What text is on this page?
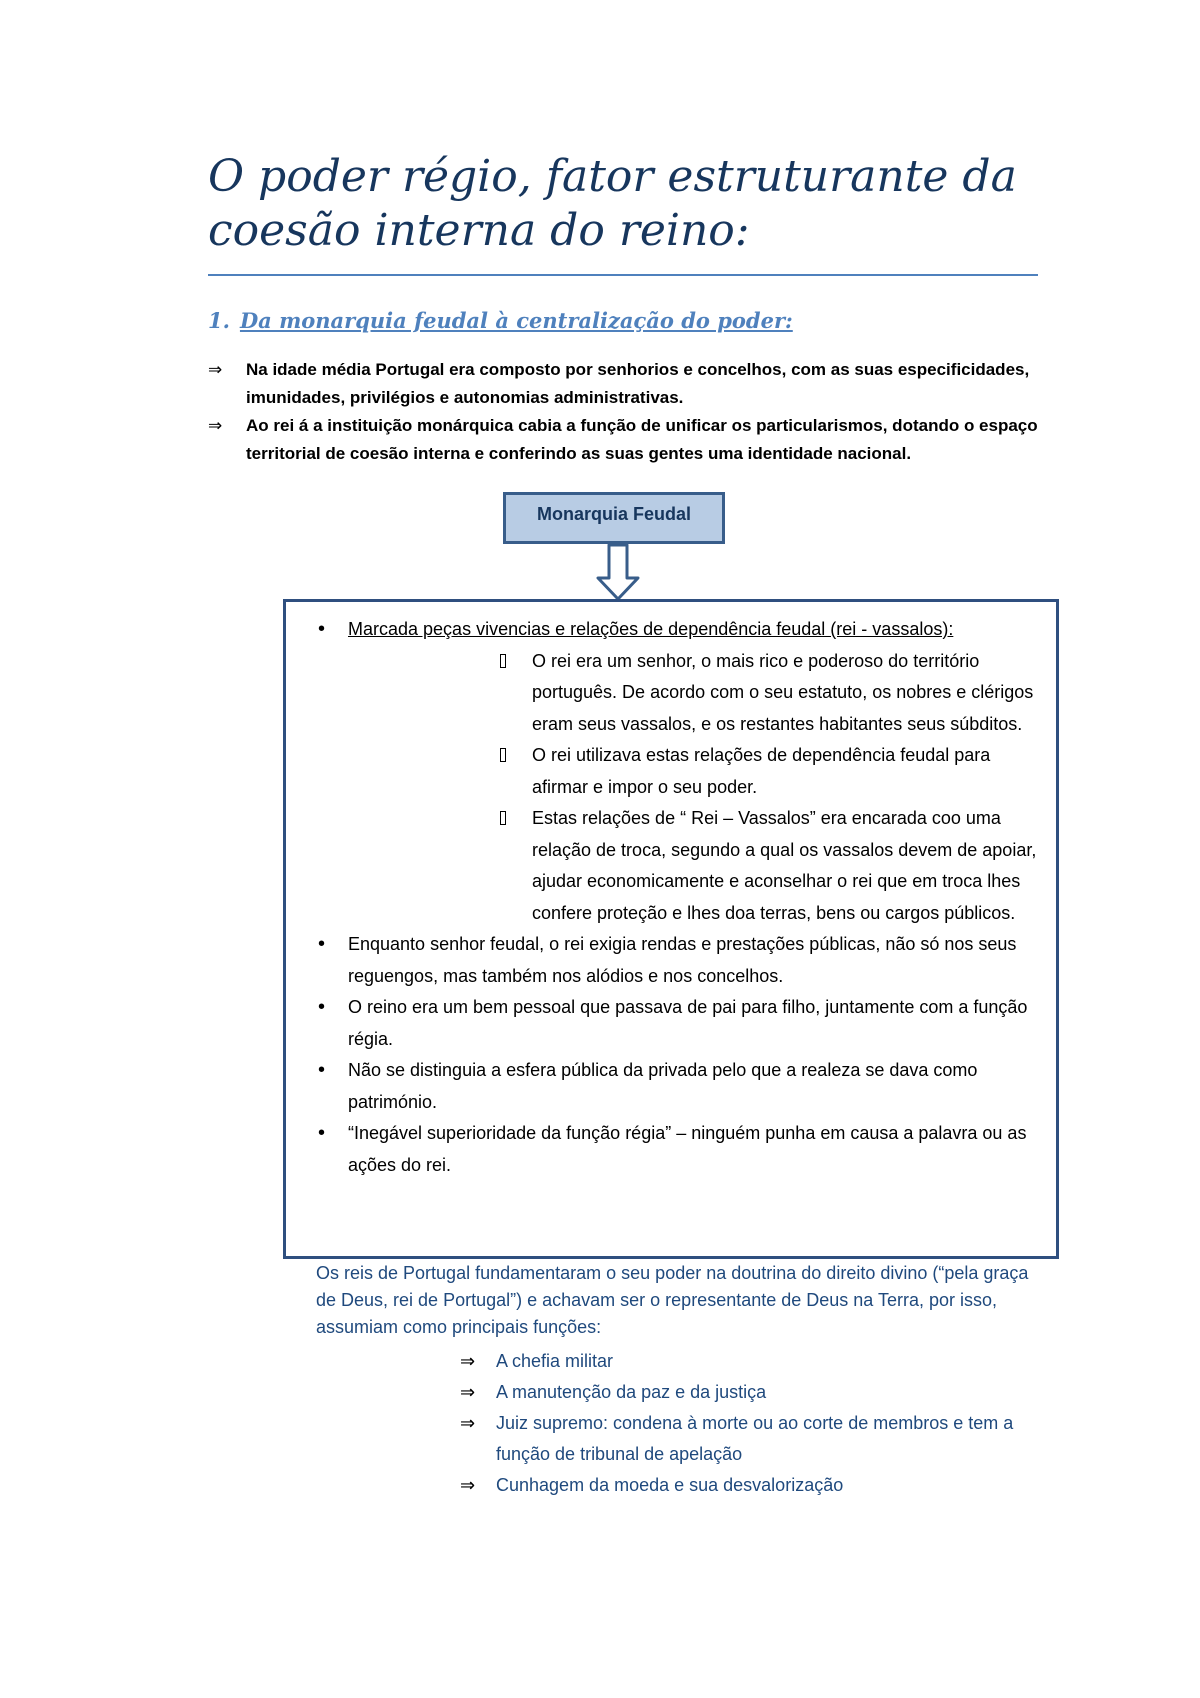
O poder régio, fator estruturante da coesão interna do reino:
1. Da monarquia feudal à centralização do poder:
⇒ Na idade média Portugal era composto por senhorios e concelhos, com as suas especificidades, imunidades, privilégios e autonomias administrativas.
⇒ Ao rei á a instituição monárquica cabia a função de unificar os particularismos, dotando o espaço territorial de coesão interna e conferindo as suas gentes uma identidade nacional.
Monarquia Feudal
• Marcada peças vivencias e relações de dependência feudal (rei - vassalos):
O rei era um senhor, o mais rico e poderoso do território português. De acordo com o seu estatuto, os nobres e clérigos eram seus vassalos, e os restantes habitantes seus súbditos.
O rei utilizava estas relações de dependência feudal para afirmar e impor o seu poder.
Estas relações de “ Rei – Vassalos” era encarada coo uma relação de troca, segundo a qual os vassalos devem de apoiar, ajudar economicamente e aconselhar o rei que em troca lhes confere proteção e lhes doa terras, bens ou cargos públicos.
• Enquanto senhor feudal, o rei exigia rendas e prestações públicas, não só nos seus reguengos, mas também nos alódios e nos concelhos.
• O reino era um bem pessoal que passava de pai para filho, juntamente com a função régia.
• Não se distinguia a esfera pública da privada pelo que a realeza se dava como património.
• “Inegável superioridade da função régia” – ninguém punha em causa a palavra ou as ações do rei.

Os reis de Portugal fundamentaram o seu poder na doutrina do direito divino (“pela graça de Deus, rei de Portugal”) e achavam ser o representante de Deus na Terra, por isso, assumiam como principais funções:

⇒ A chefia militar
⇒ A manutenção da paz e da justiça
⇒ Juiz supremo: condena à morte ou ao corte de membros e tem a função de tribunal de apelação
⇒ Cunhagem da moeda e sua desvalorização
